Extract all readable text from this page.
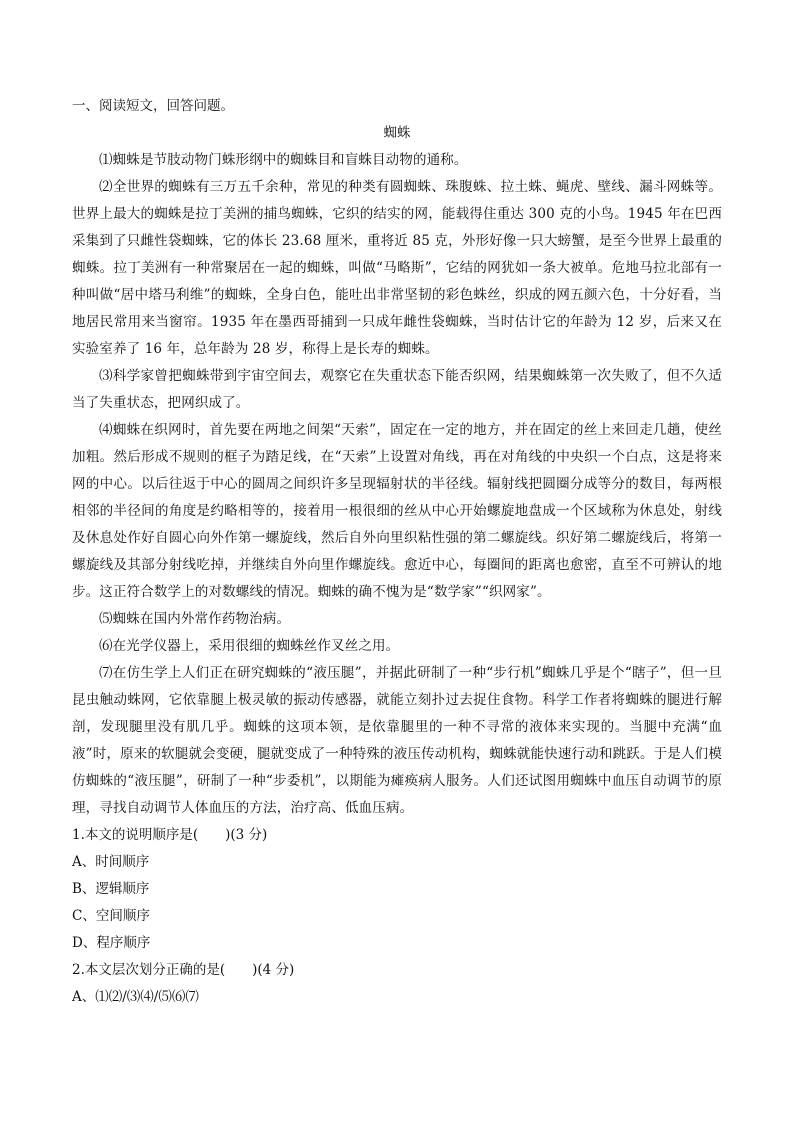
一、阅读短文，回答问题。
蜘蛛
⑴蜘蛛是节肢动物门蛛形纲中的蜘蛛目和盲蛛目动物的通称。
⑵全世界的蜘蛛有三万五千余种，常见的种类有圆蜘蛛、珠腹蛛、拉土蛛、蝇虎、壁线、漏斗网蛛等。世界上最大的蜘蛛是拉丁美洲的捕鸟蜘蛛，它织的结实的网，能载得住重达 300 克的小鸟。1945 年在巴西采集到了只雌性袋蜘蛛，它的体长 23.68 厘米，重将近 85 克，外形好像一只大螃蟹，是至今世界上最重的蜘蛛。拉丁美洲有一种常聚居在一起的蜘蛛，叫做“马略斯”，它结的网犹如一条大被单。危地马拉北部有一种叫做“居中塔马利维”的蜘蛛，全身白色，能吐出非常坚韧的彩色蛛丝，织成的网五颜六色，十分好看，当地居民常用来当窗帘。1935 年在墨西哥捕到一只成年雌性袋蜘蛛，当时估计它的年龄为 12 岁，后来又在实验室养了 16 年，总年龄为 28 岁，称得上是长寿的蜘蛛。
⑶科学家曾把蜘蛛带到宇宙空间去，观察它在失重状态下能否织网，结果蜘蛛第一次失败了，但不久适当了失重状态，把网织成了。
⑷蜘蛛在织网时，首先要在两地之间架“天索”，固定在一定的地方，并在固定的丝上来回走几趟，使丝加粗。然后形成不规则的框子为踏足线，在“天索”上设置对角线，再在对角线的中央织一个白点，这是将来网的中心。以后往返于中心的圆周之间织许多呈现辐射状的半径线。辐射线把圆圈分成等分的数目，每两根相邻的半径间的角度是约略相等的，接着用一根很细的丝从中心开始螺旋地盘成一个区域称为休息处，射线及休息处作好自圆心向外作第一螺旋线，然后自外向里织粘性强的第二螺旋线。织好第二螺旋线后，将第一螺旋线及其部分射线吃掉，并继续自外向里作螺旋线。愈近中心，每圈间的距离也愈密，直至不可辨认的地步。这正符合数学上的对数螺线的情况。蜘蛛的确不愧为是“数学家”“织网家”。
⑸蜘蛛在国内外常作药物治病。
⑹在光学仪器上，采用很细的蜘蛛丝作叉丝之用。
⑺在仿生学上人们正在研究蜘蛛的“液压腿”，并据此研制了一种“步行机”蜘蛛几乎是个“瞎子”，但一旦昆虫触动蛛网，它依靠腿上极灵敏的振动传感器，就能立刻扑过去捉住食物。科学工作者将蜘蛛的腿进行解剖，发现腿里没有肌几乎。蜘蛛的这项本领，是依靠腿里的一种不寻常的液体来实现的。当腿中充满“血液”时，原来的软腿就会变硬，腿就变成了一种特殊的液压传动机构，蜘蛛就能快速行动和跳跃。于是人们模仿蜘蛛的“液压腿”，研制了一种“步委机”，以期能为瘫痪病人服务。人们还试图用蜘蛛中血压自动调节的原理，寻找自动调节人体血压的方法，治疗高、低血压病。
1.本文的说明顺序是(　　)(3 分)
A、时间顺序
B、逻辑顺序
C、空间顺序
D、程序顺序
2.本文层次划分正确的是(　　)(4 分)
A、⑴⑵/⑶⑷/⑸⑹⑺
